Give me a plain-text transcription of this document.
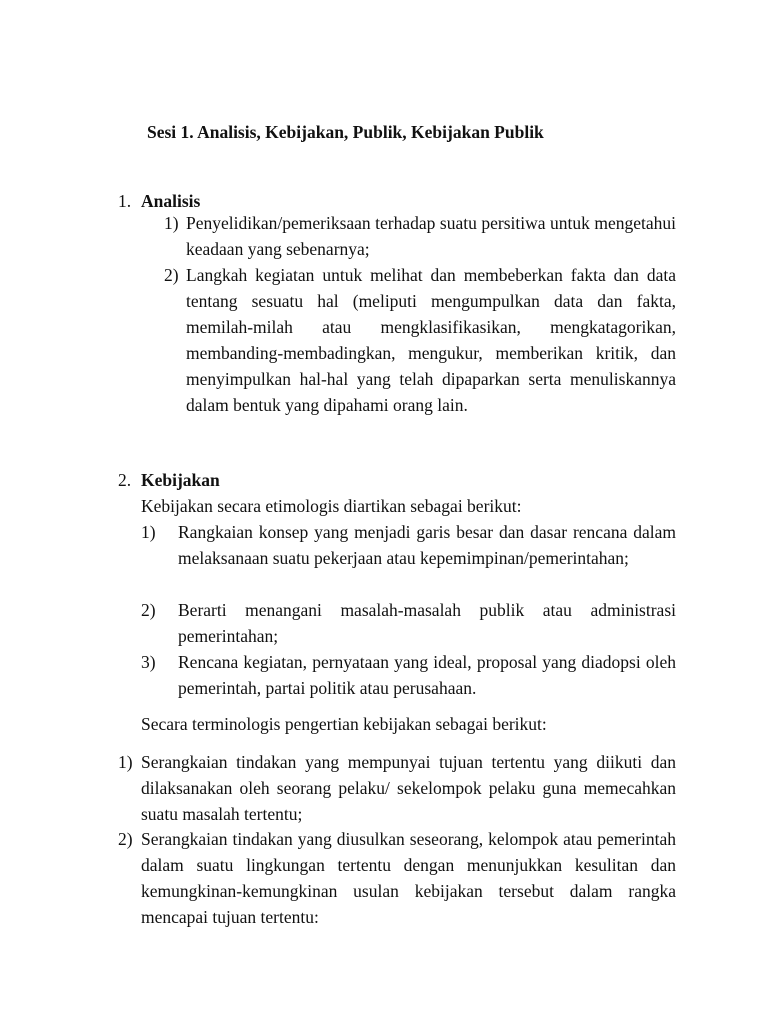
Sesi 1. Analisis, Kebijakan, Publik, Kebijakan Publik
1. Analisis
1) Penyelidikan/pemeriksaan terhadap suatu persitiwa untuk mengetahui keadaan yang sebenarnya;
2) Langkah kegiatan untuk melihat dan membeberkan fakta dan data tentang sesuatu hal (meliputi mengumpulkan data dan fakta, memilah-milah atau mengklasifikasikan, mengkatagorikan, membanding-membadingkan, mengukur, memberikan kritik, dan menyimpulkan hal-hal yang telah dipaparkan serta menuliskannya dalam bentuk yang dipahami orang lain.
2. Kebijakan
Kebijakan secara etimologis diartikan sebagai berikut:
1) Rangkaian konsep yang menjadi garis besar dan dasar rencana dalam melaksanaan suatu pekerjaan atau kepemimpinan/pemerintahan;
2) Berarti menangani masalah-masalah publik atau administrasi pemerintahan;
3) Rencana kegiatan, pernyataan yang ideal, proposal yang diadopsi oleh pemerintah, partai politik atau perusahaan.
Secara terminologis pengertian kebijakan sebagai berikut:
1) Serangkaian tindakan yang mempunyai tujuan tertentu yang diikuti dan dilaksanakan oleh seorang pelaku/ sekelompok pelaku guna memecahkan suatu masalah tertentu;
2) Serangkaian tindakan yang diusulkan seseorang, kelompok atau pemerintah dalam suatu lingkungan tertentu dengan menunjukkan kesulitan dan kemungkinan-kemungkinan usulan kebijakan tersebut dalam rangka mencapai tujuan tertentu:
